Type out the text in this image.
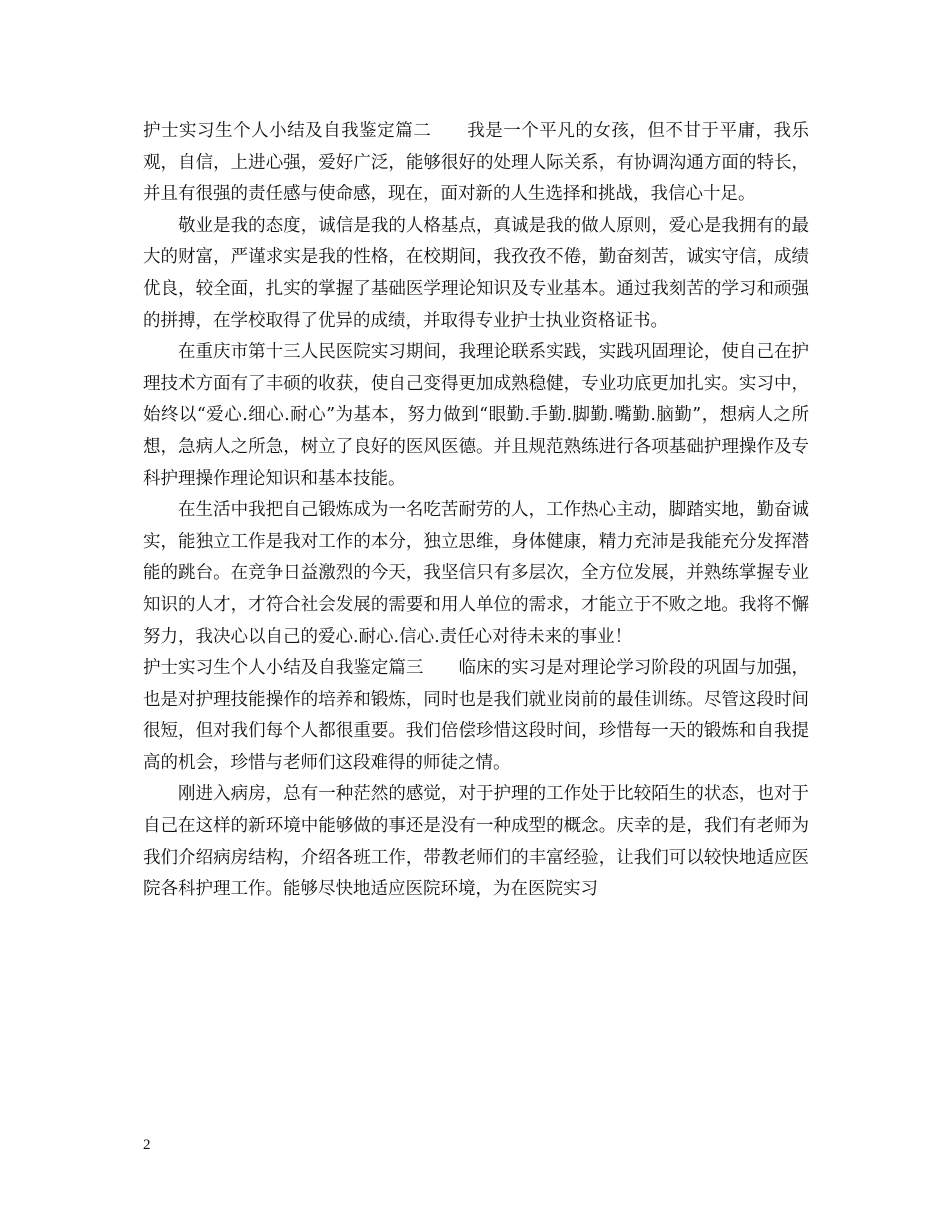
护士实习生个人小结及自我鉴定篇二　　我是一个平凡的女孩，但不甘于平庸，我乐观，自信，上进心强，爱好广泛，能够很好的处理人际关系，有协调沟通方面的特长，并且有很强的责任感与使命感，现在，面对新的人生选择和挑战，我信心十足。

敬业是我的态度，诚信是我的人格基点，真诚是我的做人原则，爱心是我拥有的最大的财富，严谨求实是我的性格，在校期间，我孜孜不倦，勤奋刻苦，诚实守信，成绩优良，较全面，扎实的掌握了基础医学理论知识及专业基本。通过我刻苦的学习和顽强的拼搏，在学校取得了优异的成绩，并取得专业护士执业资格证书。

在重庆市第十三人民医院实习期间，我理论联系实践，实践巩固理论，使自己在护理技术方面有了丰硕的收获，使自己变得更加成熟稳健，专业功底更加扎实。实习中，始终以“爱心.细心.耐心”为基本，努力做到“眼勤.手勤.脚勤.嘴勤.脑勤”，想病人之所想，急病人之所急，树立了良好的医风医德。并且规范熟练进行各项基础护理操作及专科护理操作理论知识和基本技能。

在生活中我把自己锻炼成为一名吃苦耐劳的人，工作热心主动，脚踏实地，勤奋诚实，能独立工作是我对工作的本分，独立思维，身体健康，精力充沛是我能充分发挥潜能的跳台。在竞争日益激烈的今天，我坚信只有多层次，全方位发展，并熟练掌握专业知识的人才，才符合社会发展的需要和用人单位的需求，才能立于不败之地。我将不懈努力，我决心以自己的爱心.耐心.信心.责任心对待未来的事业！

护士实习生个人小结及自我鉴定篇三　　临床的实习是对理论学习阶段的巩固与加强，也是对护理技能操作的培养和锻炼，同时也是我们就业岗前的最佳训练。尽管这段时间很短，但对我们每个人都很重要。我们倍偿珍惜这段时间，珍惜每一天的锻炼和自我提高的机会，珍惜与老师们这段难得的师徒之情。

刚进入病房，总有一种茫然的感觉，对于护理的工作处于比较陌生的状态，也对于自己在这样的新环境中能够做的事还是没有一种成型的概念。庆幸的是，我们有老师为我们介绍病房结构，介绍各班工作，带教老师们的丰富经验，让我们可以较快地适应医院各科护理工作。能够尽快地适应医院环境，为在医院实习

2
